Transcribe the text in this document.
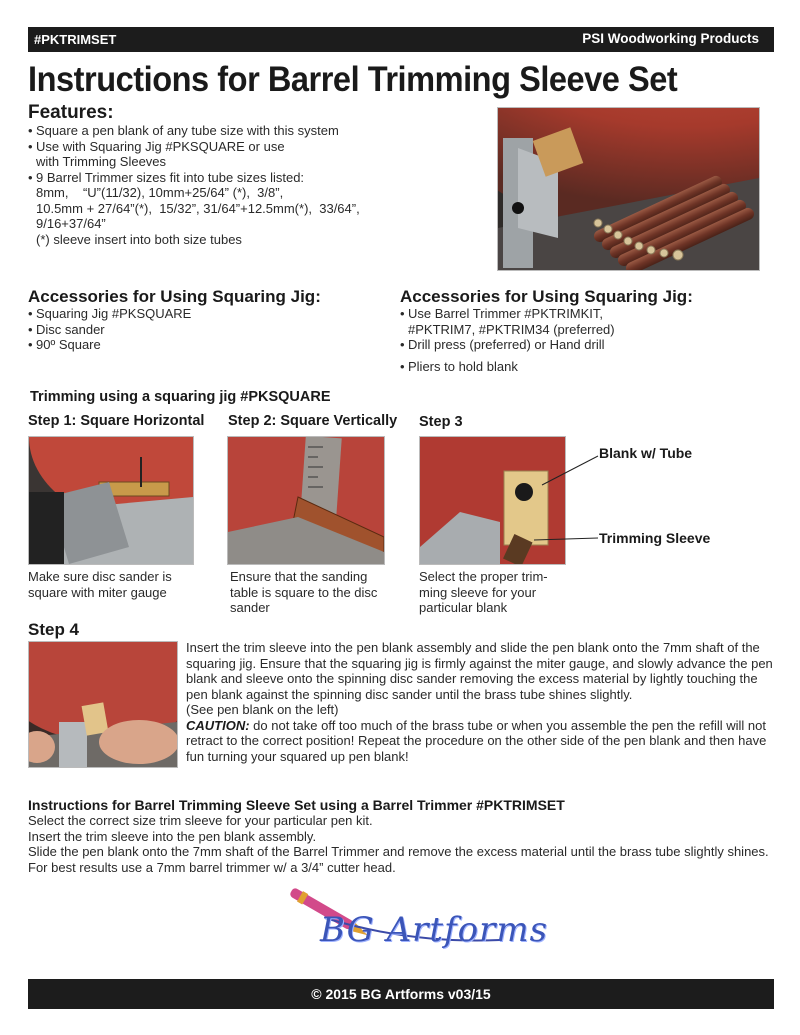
#PKTRIMSET	PSI Woodworking Products
Instructions for Barrel Trimming Sleeve Set
Features:
• Square a pen blank of any tube size with this system
• Use with Squaring Jig #PKSQUARE or use
with Trimming Sleeves
• 9 Barrel Trimmer sizes fit into tube sizes listed:
8mm,    “U”(11/32), 10mm+25/64” (*),  3/8”,
10.5mm + 27/64”(*),  15/32”, 31/64”+12.5mm(*),  33/64”,
9/16+37/64”
(*) sleeve insert into both size tubes
Accessories for Using Squaring Jig:
• Squaring Jig #PKSQUARE
• Disc sander
• 90º Square
Accessories for Using Squaring Jig:
• Use Barrel Trimmer #PKTRIMKIT,
#PKTRIM7, #PKTRIM34 (preferred)
• Drill press (preferred) or Hand drill
• Pliers to hold blank
Trimming using a squaring jig #PKSQUARE
Step 1: Square Horizontal Step 2: Square Vertically Step 3
Blank w/ Tube
Trimming Sleeve
Make sure disc sander is
square with miter gauge
Ensure that the sanding
table is square to the disc
sander
Select the proper trim-
ming sleeve for your
particular blank
Step 4
Insert the trim sleeve into the pen blank assembly and slide the pen blank onto the 7mm shaft of the squaring jig. Ensure that the squaring jig is firmly against the miter gauge, and slowly advance the pen blank and sleeve onto the spinning disc sander removing the excess material by lightly touching the pen blank against the spinning disc sander until the brass tube shines slightly.
(See pen blank on the left)
CAUTION: do not take off too much of the brass tube or when you assemble the pen the refill will not retract to the correct position! Repeat the procedure on the other side of the pen blank and then have fun turning your squared up pen blank!
Instructions for Barrel Trimming Sleeve Set using a Barrel Trimmer #PKTRIMSET
Select the correct size trim sleeve for your particular pen kit.
Insert the trim sleeve into the pen blank assembly.
Slide the pen blank onto the 7mm shaft of the Barrel Trimmer and remove the excess material until the brass tube slightly shines.
For best results use a 7mm barrel trimmer w/ a 3/4” cutter head.
BG Artforms
© 2015 BG Artforms v03/15
